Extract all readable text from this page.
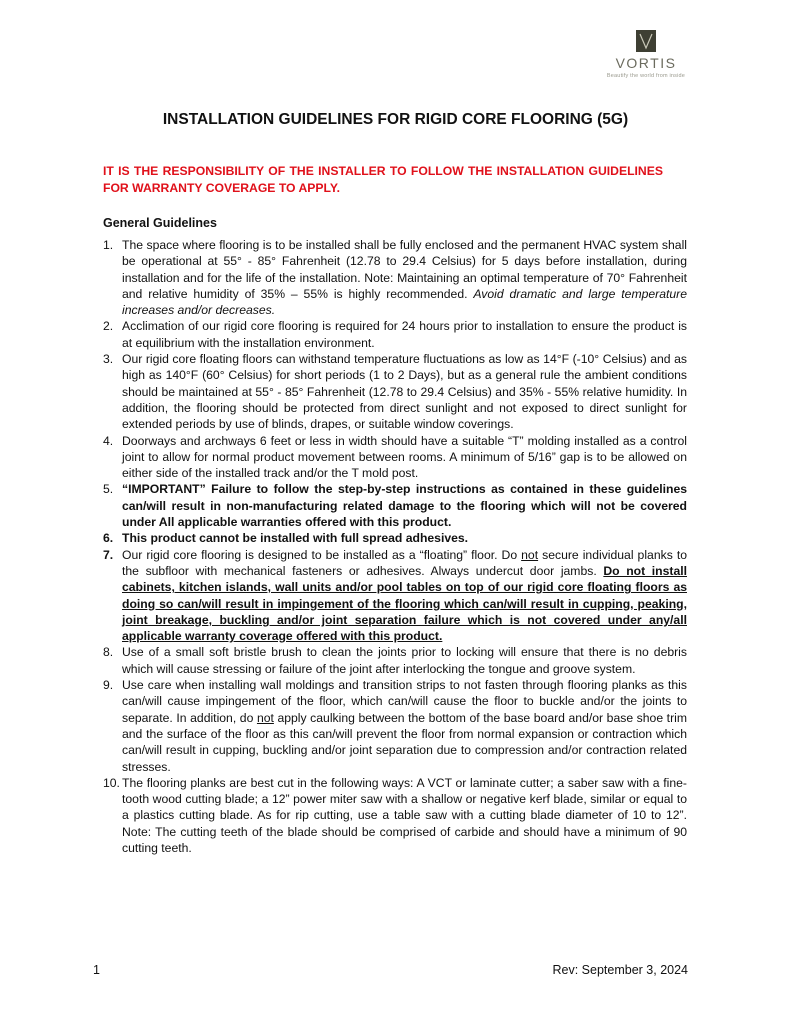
VORTIS
Beautify the world from inside
INSTALLATION GUIDELINES FOR RIGID CORE FLOORING (5G)
IT IS THE RESPONSIBILITY OF THE INSTALLER TO FOLLOW THE INSTALLATION GUIDELINES FOR WARRANTY COVERAGE TO APPLY.
General Guidelines
1. The space where flooring is to be installed shall be fully enclosed and the permanent HVAC system shall be operational at 55° - 85° Fahrenheit (12.78 to 29.4 Celsius) for 5 days before installation, during installation and for the life of the installation. Note: Maintaining an optimal temperature of 70° Fahrenheit and relative humidity of 35% – 55% is highly recommended. Avoid dramatic and large temperature increases and/or decreases.
2. Acclimation of our rigid core flooring is required for 24 hours prior to installation to ensure the product is at equilibrium with the installation environment.
3. Our rigid core floating floors can withstand temperature fluctuations as low as 14°F (-10° Celsius) and as high as 140°F (60° Celsius) for short periods (1 to 2 Days), but as a general rule the ambient conditions should be maintained at 55° - 85° Fahrenheit (12.78 to 29.4 Celsius) and 35% - 55% relative humidity. In addition, the flooring should be protected from direct sunlight and not exposed to direct sunlight for extended periods by use of blinds, drapes, or suitable window coverings.
4. Doorways and archways 6 feet or less in width should have a suitable “T” molding installed as a control joint to allow for normal product movement between rooms. A minimum of 5/16” gap is to be allowed on either side of the installed track and/or the T mold post.
5. “IMPORTANT” Failure to follow the step-by-step instructions as contained in these guidelines can/will result in non-manufacturing related damage to the flooring which will not be covered under All applicable warranties offered with this product.
6. This product cannot be installed with full spread adhesives.
7. Our rigid core flooring is designed to be installed as a “floating” floor. Do not secure individual planks to the subfloor with mechanical fasteners or adhesives. Always undercut door jambs. Do not install cabinets, kitchen islands, wall units and/or pool tables on top of our rigid core floating floors as doing so can/will result in impingement of the flooring which can/will result in cupping, peaking, joint breakage, buckling and/or joint separation failure which is not covered under any/all applicable warranty coverage offered with this product.
8. Use of a small soft bristle brush to clean the joints prior to locking will ensure that there is no debris which will cause stressing or failure of the joint after interlocking the tongue and groove system.
9. Use care when installing wall moldings and transition strips to not fasten through flooring planks as this can/will cause impingement of the floor, which can/will cause the floor to buckle and/or the joints to separate. In addition, do not apply caulking between the bottom of the base board and/or base shoe trim and the surface of the floor as this can/will prevent the floor from normal expansion or contraction which can/will result in cupping, buckling and/or joint separation due to compression and/or contraction related stresses.
10. The flooring planks are best cut in the following ways: A VCT or laminate cutter; a saber saw with a fine-tooth wood cutting blade; a 12” power miter saw with a shallow or negative kerf blade, similar or equal to a plastics cutting blade. As for rip cutting, use a table saw with a cutting blade diameter of 10 to 12”. Note: The cutting teeth of the blade should be comprised of carbide and should have a minimum of 90 cutting teeth.
1	Rev: September 3, 2024
